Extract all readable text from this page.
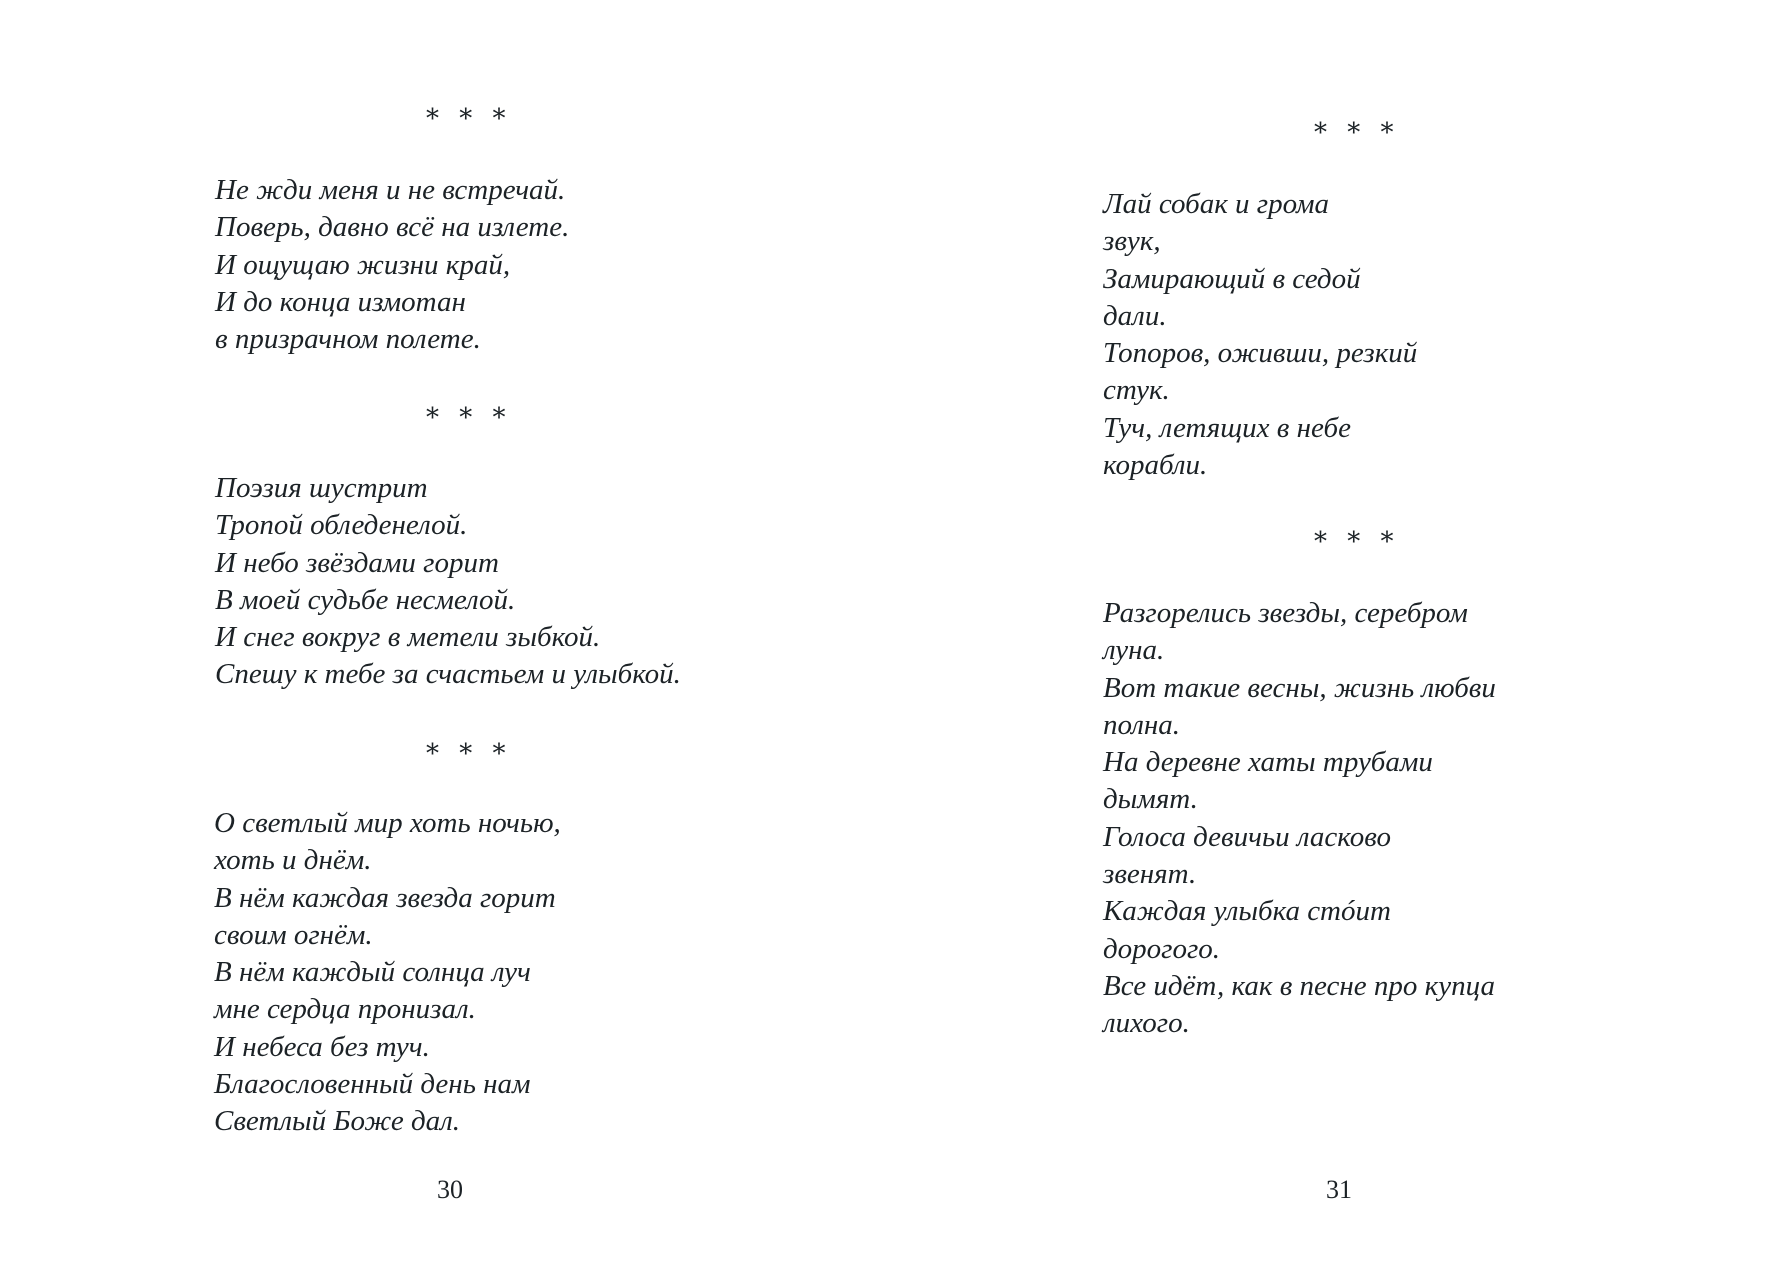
* * *
Не жди меня и не встречай.
Поверь, давно всё на излете.
И ощущаю жизни край,
И до конца измотан
в призрачном полете.
* * *
Поэзия шустрит
Тропой обледенелой.
И небо звёздами горит
В моей судьбе несмелой.
И снег вокруг в метели зыбкой.
Спешу к тебе за счастьем и улыбкой.
* * *
О светлый мир хоть ночью,
хоть и днём.
В нём каждая звезда горит
своим огнём.
В нём каждый солнца луч
мне сердца пронизал.
И небеса без туч.
Благословенный день нам
Светлый Боже дал.
30
* * *
Лай собак и грома
звук,
Замирающий в седой
дали.
Топоров, оживши, резкий
стук.
Туч, летящих в небе
корабли.
* * *
Разгорелись звезды, серебром
луна.
Вот такие весны, жизнь любви
полна.
На деревне хаты трубами
дымят.
Голоса девичьи ласково
звенят.
Каждая улыбка стóит
дорогого.
Все идёт, как в песне про купца
лихого.
31
